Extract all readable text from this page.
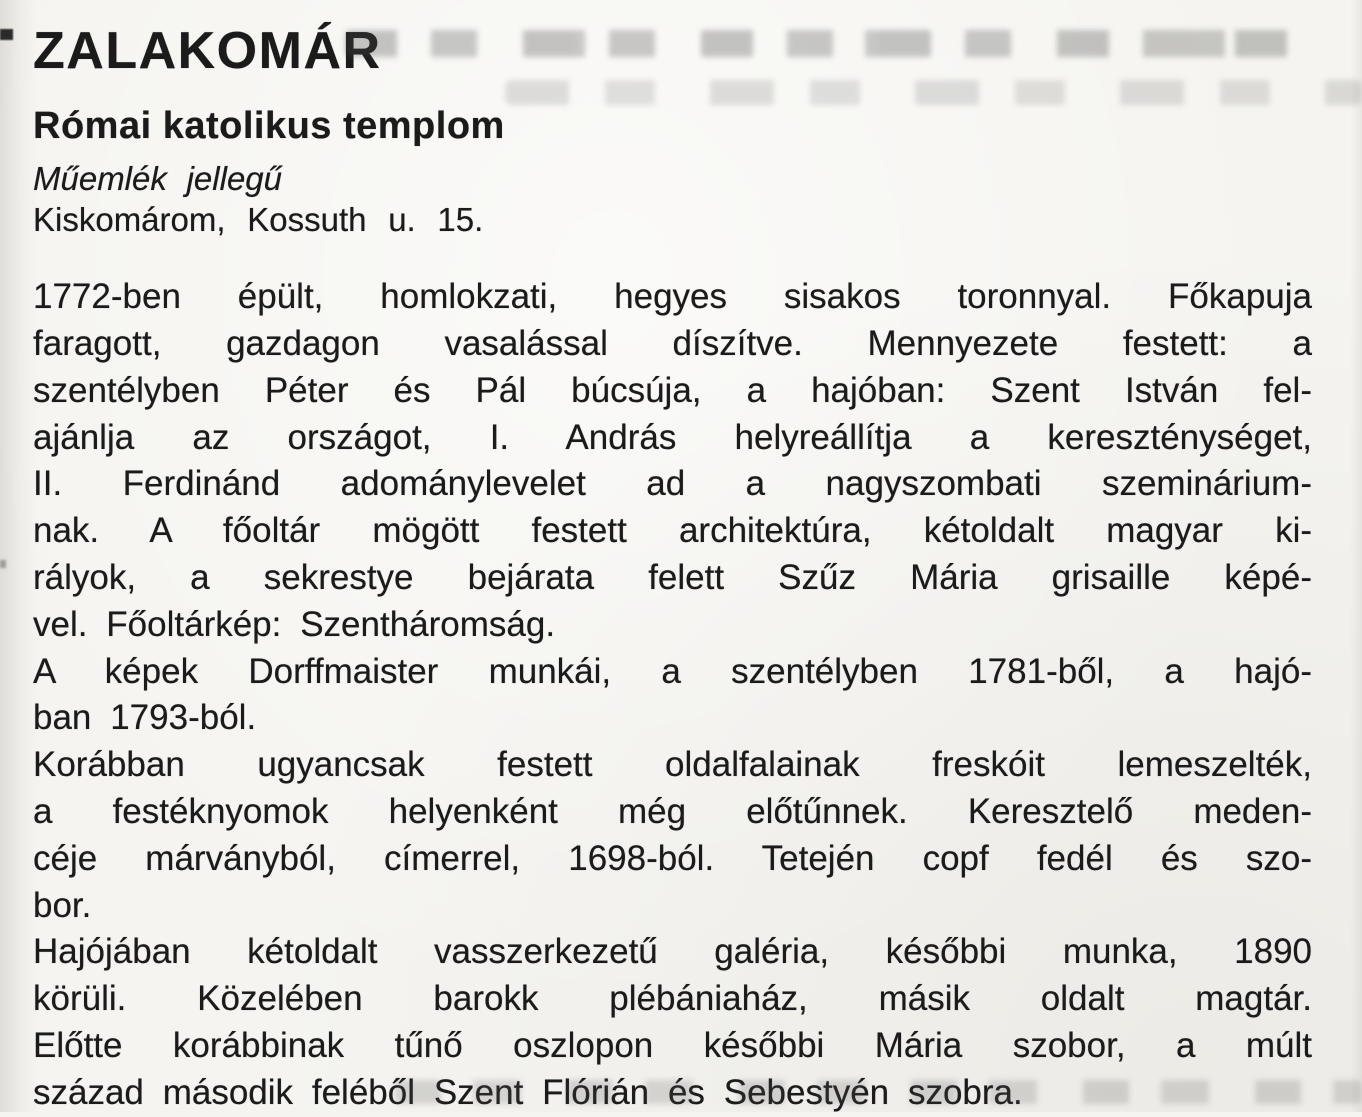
ZALAKOMÁR
Római katolikus templom
Műemlék jellegű
Kiskomárom, Kossuth u. 15.
1772-ben épült, homlokzati, hegyes sisakos toronnyal. Főkapuja
faragott, gazdagon vasalással díszítve. Mennyezete festett: a
szentélyben Péter és Pál búcsúja, a hajóban: Szent István fel-
ajánlja az országot, I. András helyreállítja a kereszténységet,
II. Ferdinánd adománylevelet ad a nagyszombati szeminárium-
nak. A főoltár mögött festett architektúra, kétoldalt magyar ki-
rályok, a sekrestye bejárata felett Szűz Mária grisaille képé-
vel. Főoltárkép: Szentháromság.
A képek Dorffmaister munkái, a szentélyben 1781-ből, a hajó-
ban 1793-ból.
Korábban ugyancsak festett oldalfalainak freskóit lemeszelték,
a festéknyomok helyenként még előtűnnek. Keresztelő meden-
céje márványból, címerrel, 1698-ból. Tetején copf fedél és szo-
bor.
Hajójában kétoldalt vasszerkezetű galéria, későbbi munka, 1890
körüli. Közelében barokk plébániaház, másik oldalt magtár.
Előtte korábbinak tűnő oszlopon későbbi Mária szobor, a múlt
század második feléből Szent Flórián és Sebestyén szobra.
